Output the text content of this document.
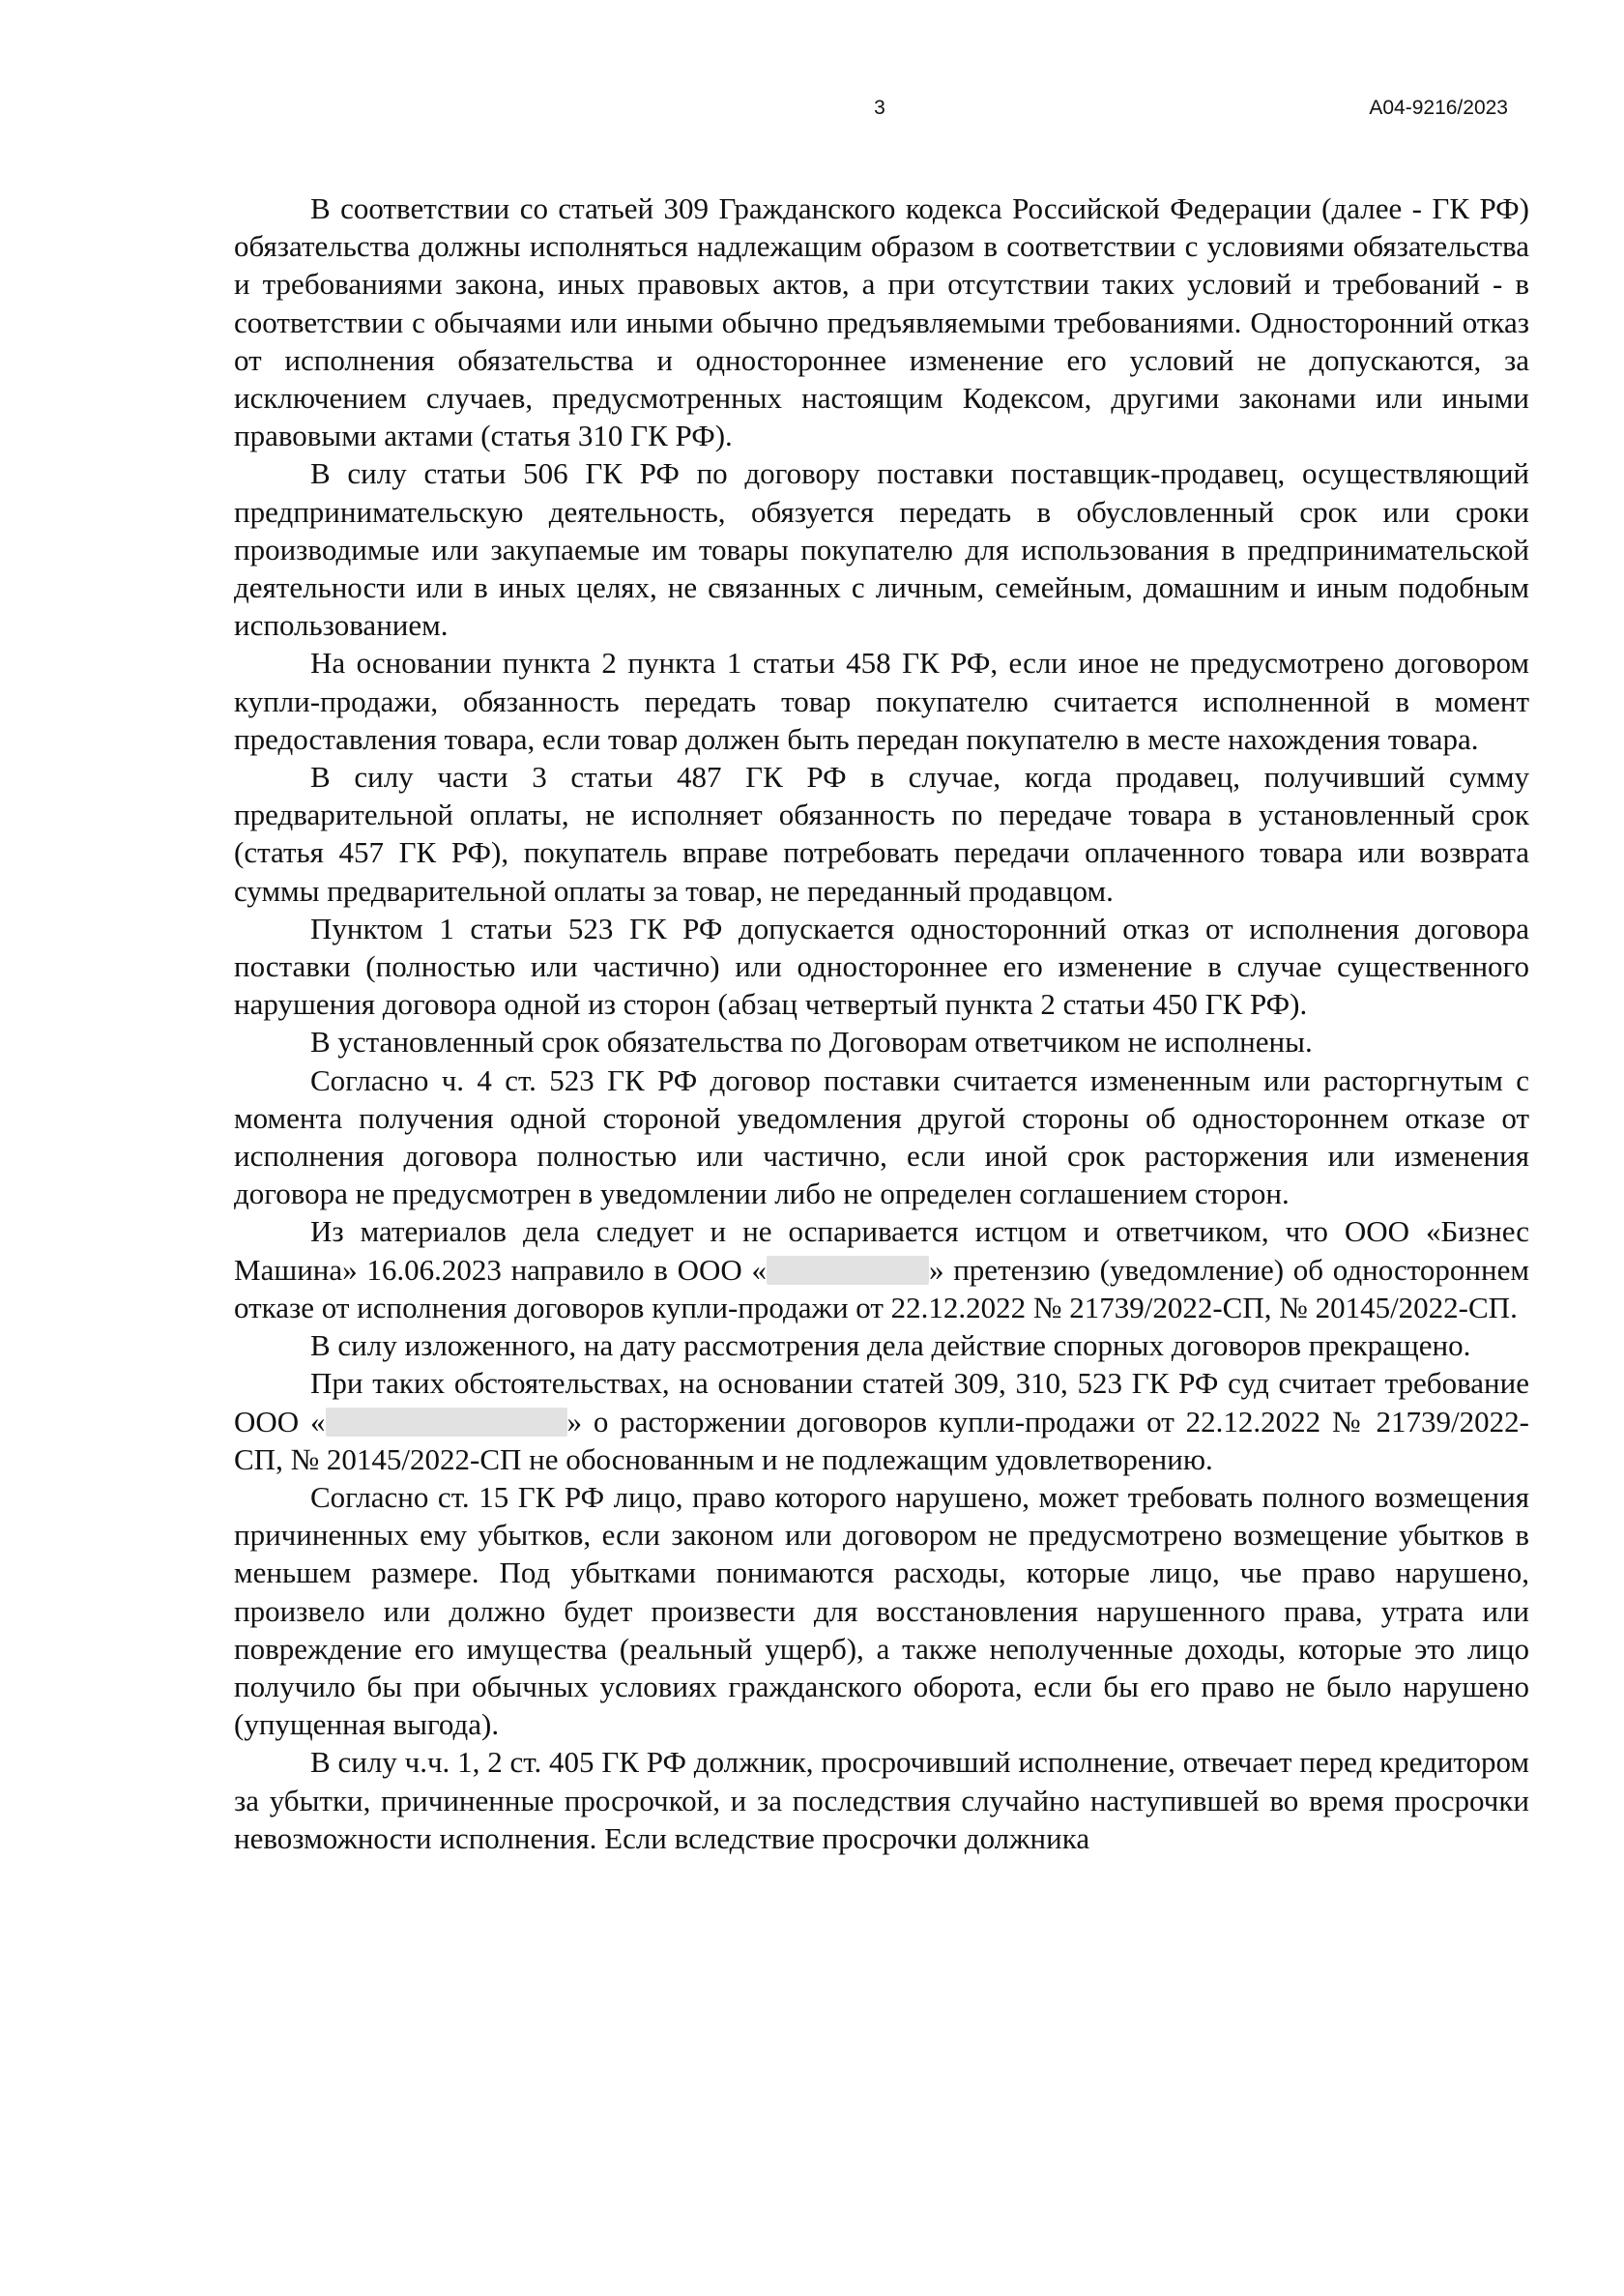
3	А04-9216/2023

В соответствии со статьей 309 Гражданского кодекса Российской Федерации (далее - ГК РФ) обязательства должны исполняться надлежащим образом в соответствии с условиями обязательства и требованиями закона, иных правовых актов, а при отсутствии таких условий и требований - в соответствии с обычаями или иными обычно предъявляемыми требованиями. Односторонний отказ от исполнения обязательства и одностороннее изменение его условий не допускаются, за исключением случаев, предусмотренных настоящим Кодексом, другими законами или иными правовыми актами (статья 310 ГК РФ).

В силу статьи 506 ГК РФ по договору поставки поставщик-продавец, осуществляющий предпринимательскую деятельность, обязуется передать в обусловленный срок или сроки производимые или закупаемые им товары покупателю для использования в предпринимательской деятельности или в иных целях, не связанных с личным, семейным, домашним и иным подобным использованием.

На основании пункта 2 пункта 1 статьи 458 ГК РФ, если иное не предусмотрено договором купли-продажи, обязанность передать товар покупателю считается исполненной в момент предоставления товара, если товар должен быть передан покупателю в месте нахождения товара.

В силу части 3 статьи 487 ГК РФ в случае, когда продавец, получивший сумму предварительной оплаты, не исполняет обязанность по передаче товара в установленный срок (статья 457 ГК РФ), покупатель вправе потребовать передачи оплаченного товара или возврата суммы предварительной оплаты за товар, не переданный продавцом.

Пунктом 1 статьи 523 ГК РФ допускается односторонний отказ от исполнения договора поставки (полностью или частично) или одностороннее его изменение в случае существенного нарушения договора одной из сторон (абзац четвертый пункта 2 статьи 450 ГК РФ).

В установленный срок обязательства по Договорам ответчиком не исполнены.

Согласно ч. 4 ст. 523 ГК РФ договор поставки считается измененным или расторгнутым с момента получения одной стороной уведомления другой стороны об одностороннем отказе от исполнения договора полностью или частично, если иной срок расторжения или изменения договора не предусмотрен в уведомлении либо не определен соглашением сторон.

Из материалов дела следует и не оспаривается истцом и ответчиком, что ООО «Бизнес Машина» 16.06.2023 направило в ООО «	» претензию (уведомление) об одностороннем отказе от исполнения договоров купли-продажи от 22.12.2022 № 21739/2022-СП, № 20145/2022-СП.

В силу изложенного, на дату рассмотрения дела действие спорных договоров прекращено.

При таких обстоятельствах, на основании статей 309, 310, 523 ГК РФ суд считает требование ООО «	» о расторжении договоров купли-продажи от 22.12.2022 № 21739/2022-СП, № 20145/2022-СП не обоснованным и не подлежащим удовлетворению.

Согласно ст. 15 ГК РФ лицо, право которого нарушено, может требовать полного возмещения причиненных ему убытков, если законом или договором не предусмотрено возмещение убытков в меньшем размере. Под убытками понимаются расходы, которые лицо, чье право нарушено, произвело или должно будет произвести для восстановления нарушенного права, утрата или повреждение его имущества (реальный ущерб), а также неполученные доходы, которые это лицо получило бы при обычных условиях гражданского оборота, если бы его право не было нарушено (упущенная выгода).

В силу ч.ч. 1, 2 ст. 405 ГК РФ должник, просрочивший исполнение, отвечает перед кредитором за убытки, причиненные просрочкой, и за последствия случайно наступившей во время просрочки невозможности исполнения. Если вследствие просрочки должника
